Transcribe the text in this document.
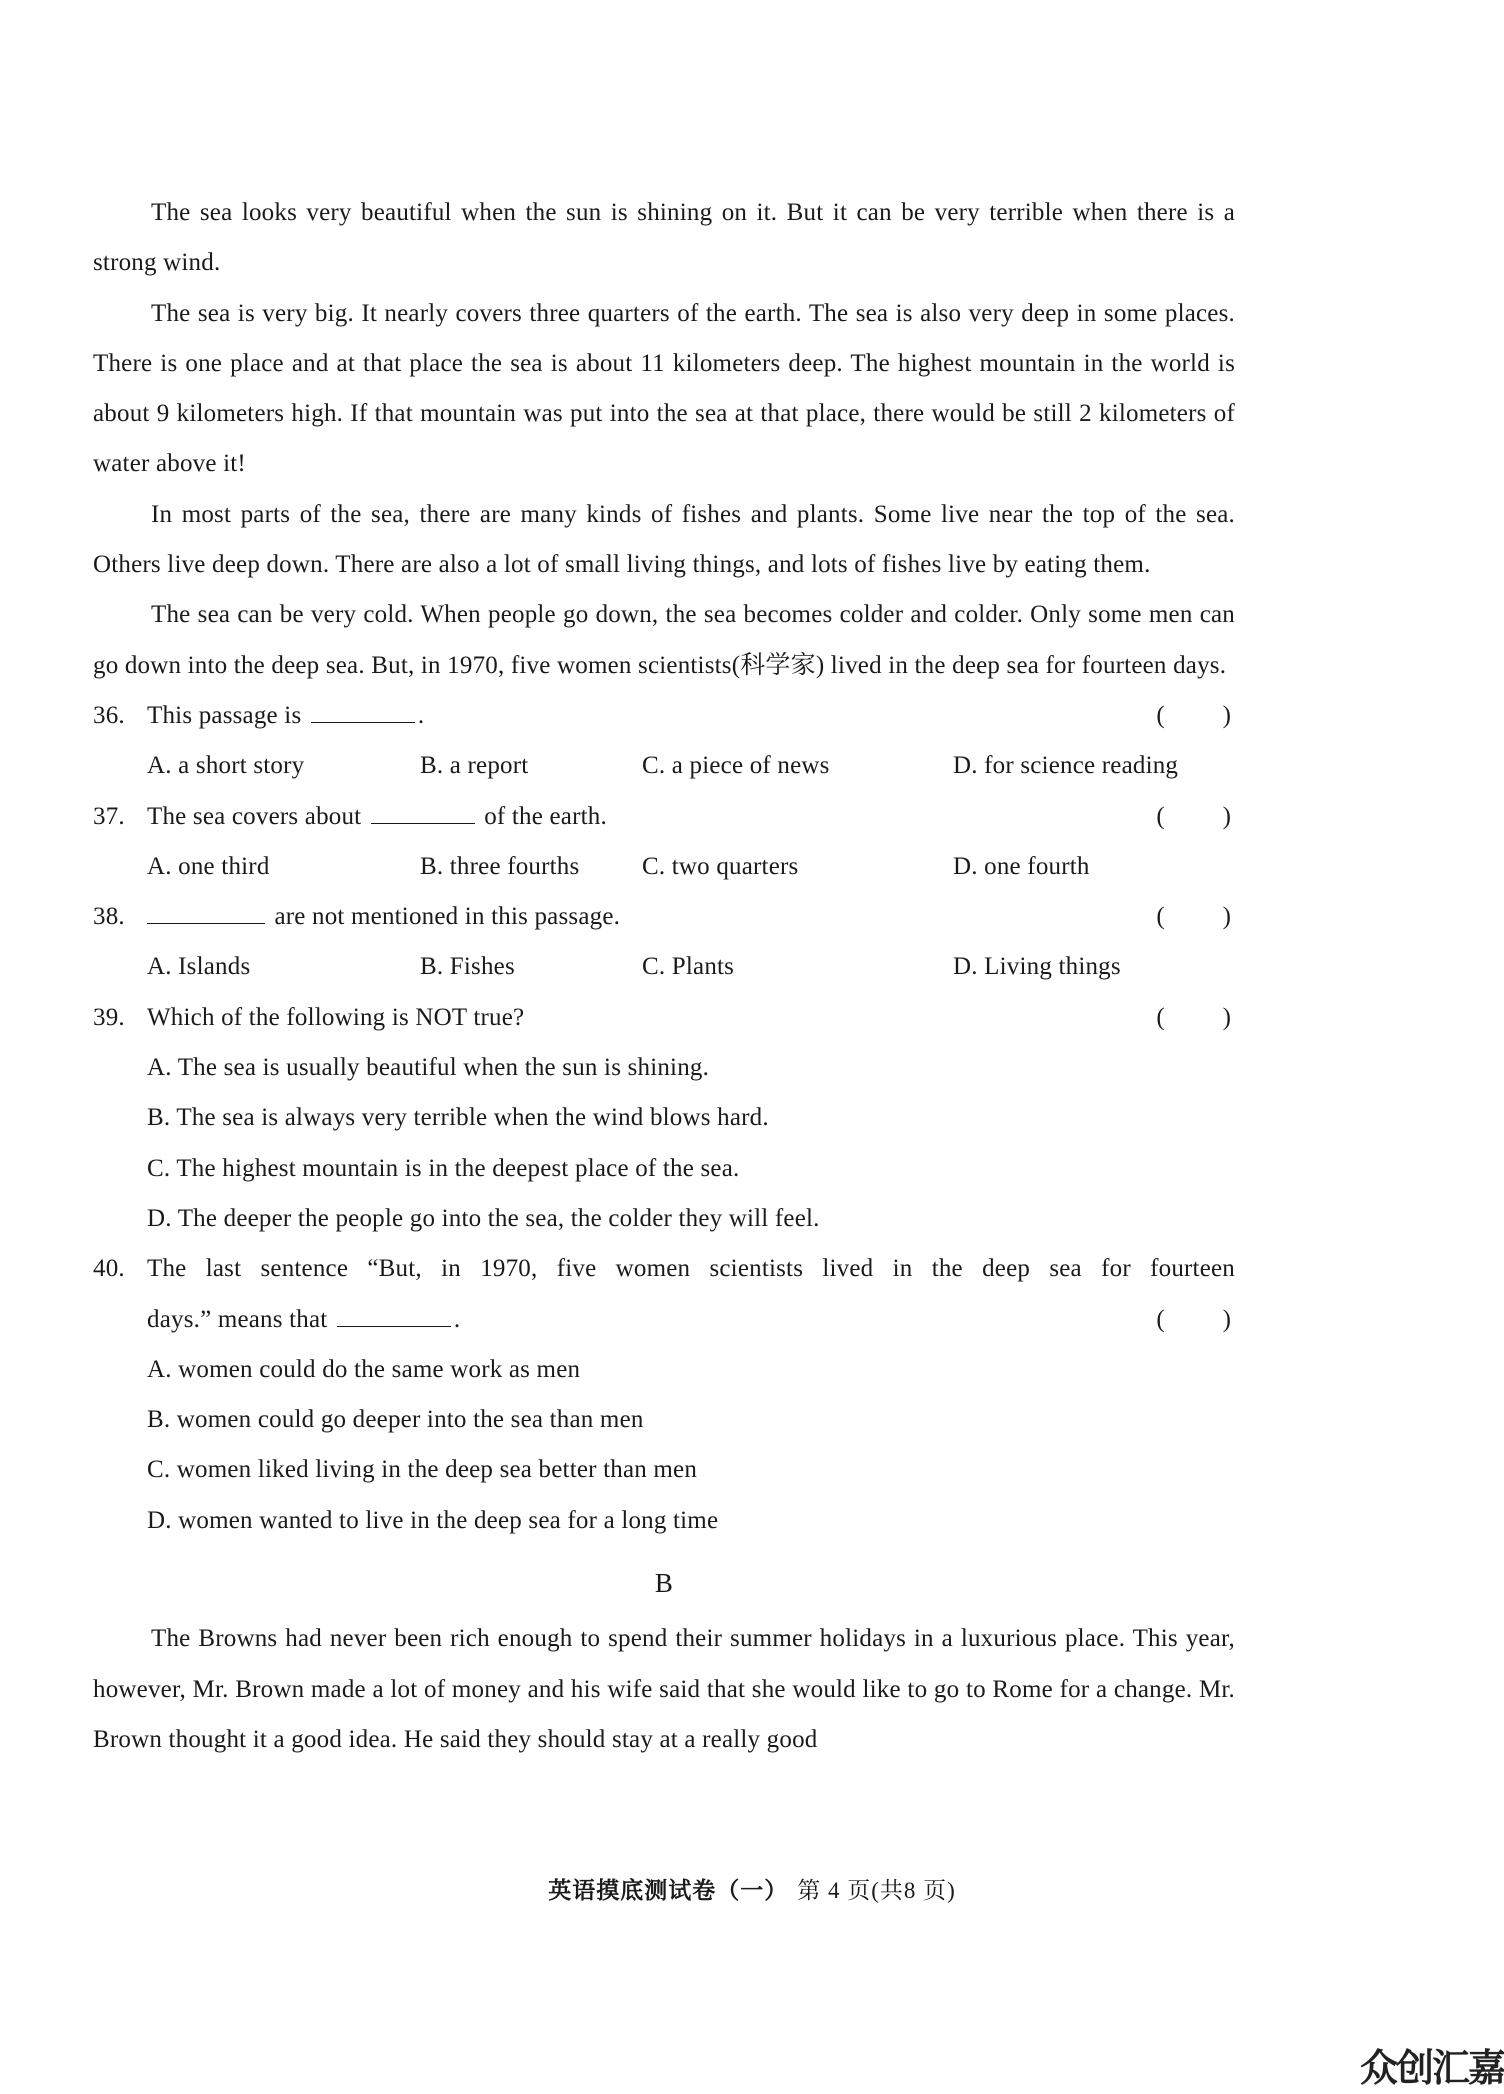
The sea looks very beautiful when the sun is shining on it. But it can be very terrible when there is a strong wind.

The sea is very big. It nearly covers three quarters of the earth. The sea is also very deep in some places. There is one place and at that place the sea is about 11 kilometers deep. The highest mountain in the world is about 9 kilometers high. If that mountain was put into the sea at that place, there would be still 2 kilometers of water above it!

In most parts of the sea, there are many kinds of fishes and plants. Some live near the top of the sea. Others live deep down. There are also a lot of small living things, and lots of fishes live by eating them.

The sea can be very cold. When people go down, the sea becomes colder and colder. Only some men can go down into the deep sea. But, in 1970, five women scientists(科学家) lived in the deep sea for fourteen days.

36. This passage is	.	()
A. a short story	B. a report	C. a piece of news	D. for science reading
37. The sea covers about	of the earth.	()
A. one third	B. three fourths	C. two quarters	D. one fourth
38.	are not mentioned in this passage.	()
A. Islands	B. Fishes	C. Plants	D. Living things
39. Which of the following is NOT true?	()

A. The sea is usually beautiful when the sun is shining.

B. The sea is always very terrible when the wind blows hard.

C. The highest mountain is in the deepest place of the sea.

D. The deeper the people go into the sea, the colder they will feel.

40. The last sentence “But, in 1970, five women scientists lived in the deep sea for fourteen
days.” means that	.	()

A. women could do the same work as men

B. women could go deeper into the sea than men

C. women liked living in the deep sea better than men

D. women wanted to live in the deep sea for a long time

B

The Browns had never been rich enough to spend their summer holidays in a luxurious place. This year, however, Mr. Brown made a lot of money and his wife said that she would like to go to Rome for a change. Mr. Brown thought it a good idea. He said they should stay at a really good

英语摸底测试卷（一） 第 4 页(共8 页)
众创汇嘉
